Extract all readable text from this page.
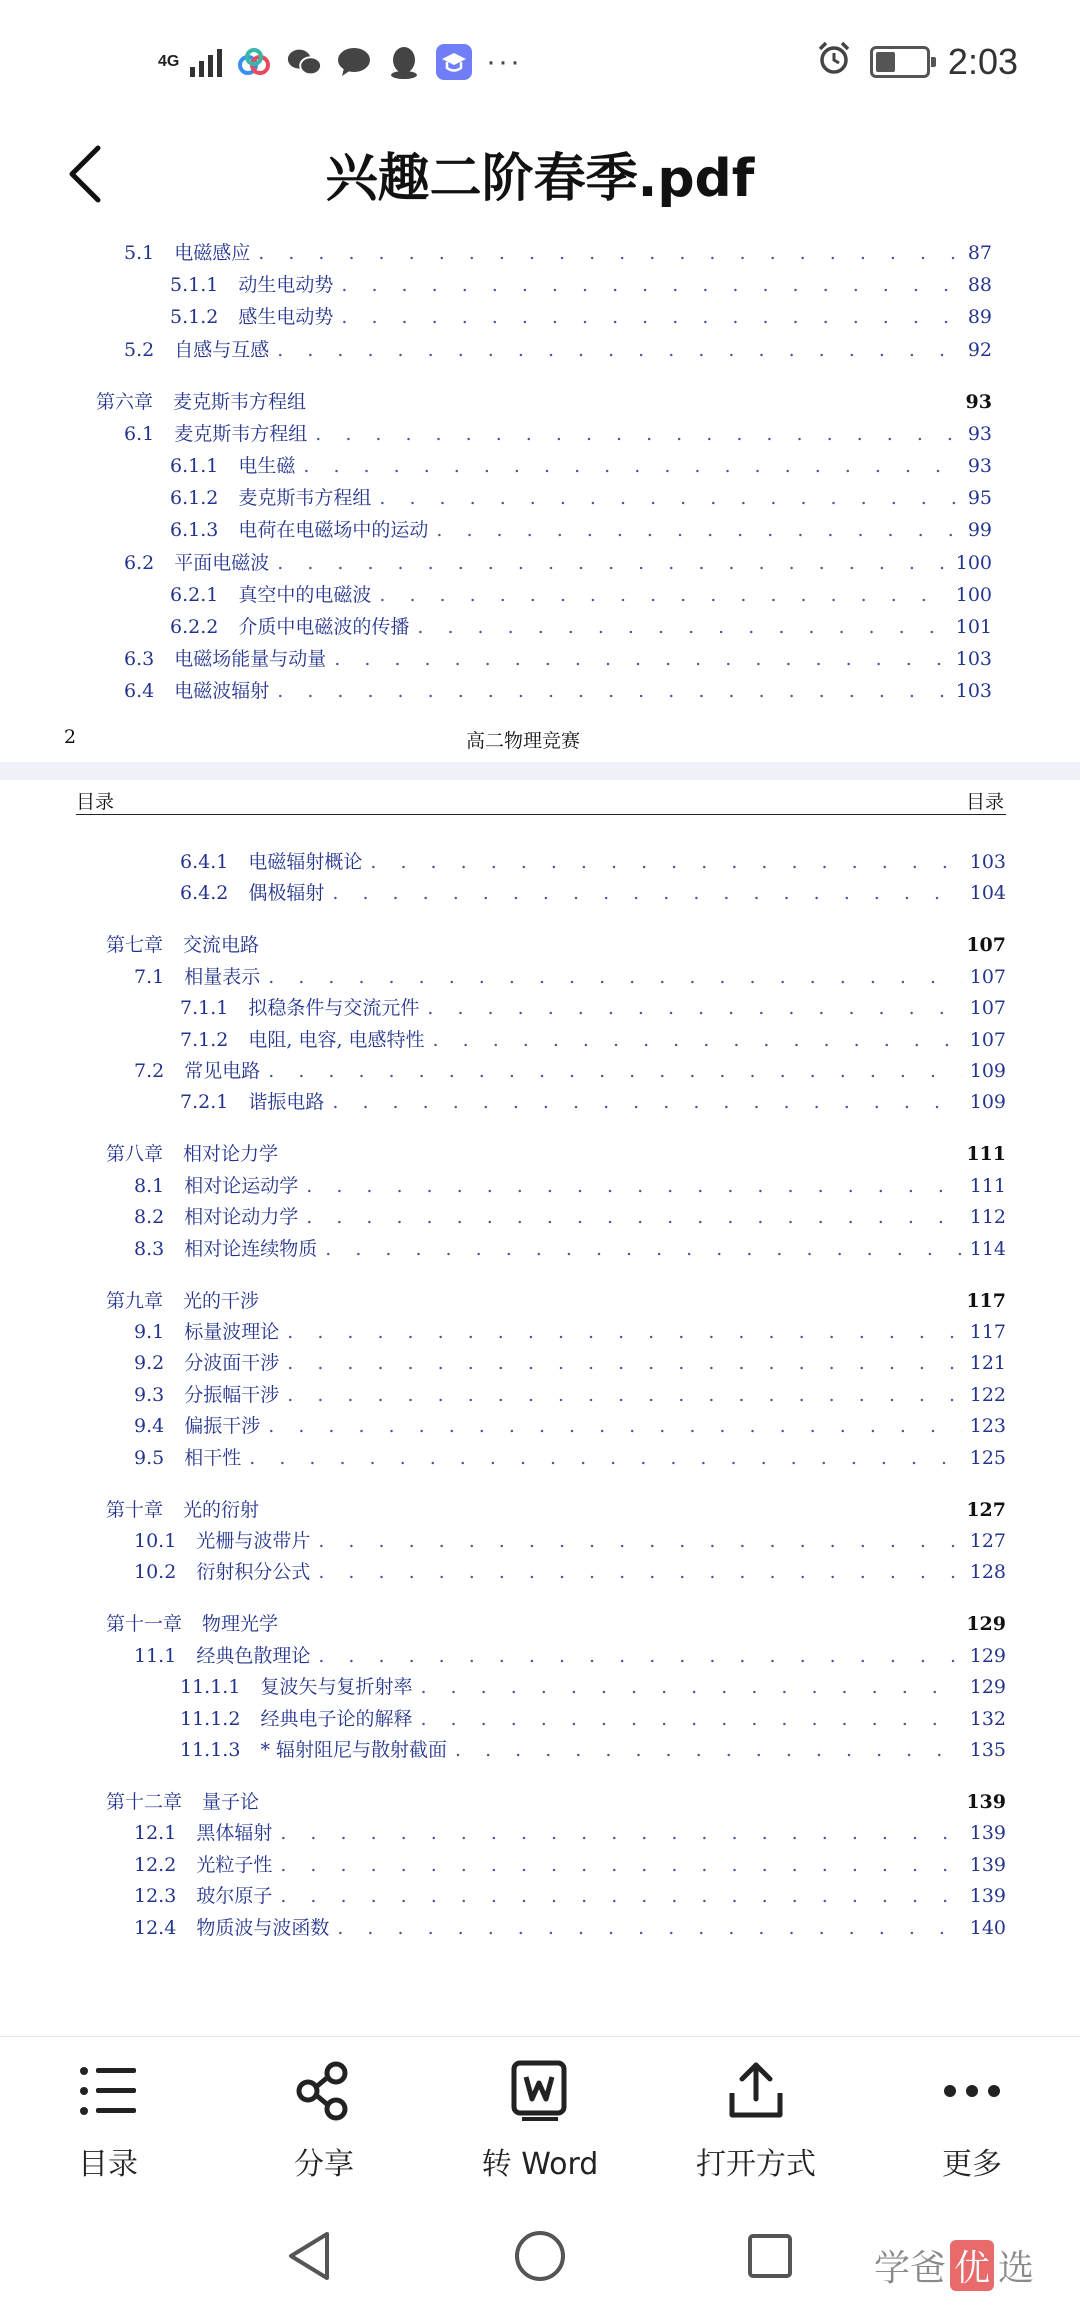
4G	···	2:03
兴趣二阶春季.pdf
5.1 电磁感应 . . .	87
5.1.1 动生电动势 . . .	88
5.1.2 感生电动势 . . .	89
5.2 自感与互感 . . .	92
第六章 麦克斯韦方程组	93
6.1 麦克斯韦方程组 . . .	93
6.1.1 电生磁 . . .	93
6.1.2 麦克斯韦方程组 . . .	95
6.1.3 电荷在电磁场中的运动 . . .	99
6.2 平面电磁波 . . .	100
6.2.1 真空中的电磁波 . . .	100
6.2.2 介质中电磁波的传播 . . .	101
6.3 电磁场能量与动量 . . .	103
6.4 电磁波辐射 . . .	103
2	高二物理竞赛
目录	目录
6.4.1 电磁辐射概论 . . .	103
6.4.2 偶极辐射 . . .	104
第七章 交流电路	107
7.1 相量表示 . . .	107
7.1.1 拟稳条件与交流元件 . . .	107
7.1.2 电阻, 电容, 电感特性 . . .	107
7.2 常见电路 . . .	109
7.2.1 谐振电路 . . .	109
第八章 相对论力学	111
8.1 相对论运动学 . . .	111
8.2 相对论动力学 . . .	112
8.3 相对论连续物质 . . .	114
第九章 光的干涉	117
9.1 标量波理论 . . .	117
9.2 分波面干涉 . . .	121
9.3 分振幅干涉 . . .	122
9.4 偏振干涉 . . .	123
9.5 相干性 . . .	125
第十章 光的衍射	127
10.1 光栅与波带片 . . .	127
10.2 衍射积分公式 . . .	128
第十一章 物理光学	129
11.1 经典色散理论 . . .	129
11.1.1 复波矢与复折射率 . . .	129
11.1.2 经典电子论的解释 . . .	132
11.1.3 * 辐射阻尼与散射截面 . . .	135
第十二章 量子论	139
12.1 黑体辐射 . . .	139
12.2 光粒子性 . . .	139
12.3 玻尔原子 . . .	139
12.4 物质波与波函数 . . .	140
目录	分享	转 Word	打开方式	更多
学爸 优 选
